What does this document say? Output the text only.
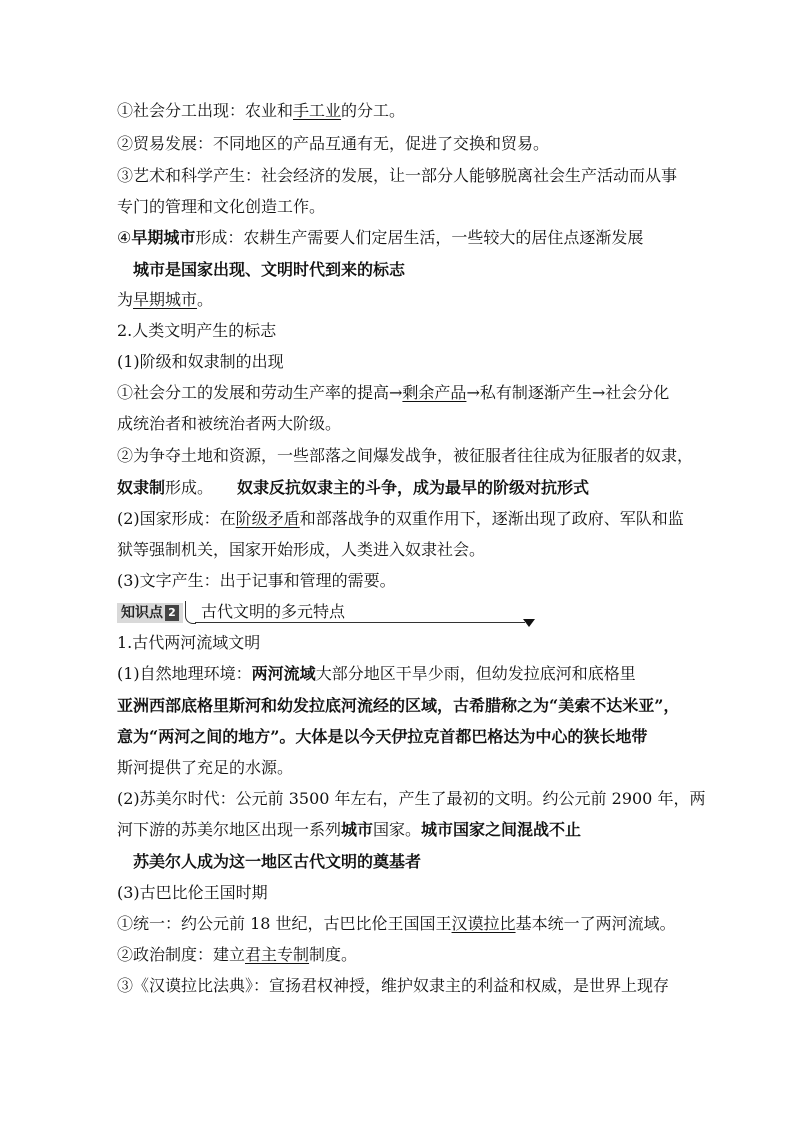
①社会分工出现：农业和手工业的分工。
②贸易发展：不同地区的产品互通有无，促进了交换和贸易。
③艺术和科学产生：社会经济的发展，让一部分人能够脱离社会生产活动而从事
专门的管理和文化创造工作。
④早期城市形成：农耕生产需要人们定居生活，一些较大的居住点逐渐发展
城市是国家出现、文明时代到来的标志
为早期城市。
2.人类文明产生的标志
(1)阶级和奴隶制的出现
①社会分工的发展和劳动生产率的提高→剩余产品→私有制逐渐产生→社会分化
成统治者和被统治者两大阶级。
②为争夺土地和资源，一些部落之间爆发战争，被征服者往往成为征服者的奴隶，
奴隶制形成。　　奴隶反抗奴隶主的斗争，成为最早的阶级对抗形式
(2)国家形成：在阶级矛盾和部落战争的双重作用下，逐渐出现了政府、军队和监
狱等强制机关，国家开始形成，人类进入奴隶社会。
(3)文字产生：出于记事和管理的需要。
1.古代两河流域文明
(1)自然地理环境：两河流域大部分地区干旱少雨，但幼发拉底河和底格里
亚洲西部底格里斯河和幼发拉底河流经的区域，古希腊称之为“美索不达米亚”，
意为“两河之间的地方”。大体是以今天伊拉克首都巴格达为中心的狭长地带
斯河提供了充足的水源。
(2)苏美尔时代：公元前 3500 年左右，产生了最初的文明。约公元前 2900 年，两
河下游的苏美尔地区出现一系列城市国家。城市国家之间混战不止
苏美尔人成为这一地区古代文明的奠基者
(3)古巴比伦王国时期
①统一：约公元前 18 世纪，古巴比伦王国国王汉谟拉比基本统一了两河流域。
②政治制度：建立君主专制制度。
③《汉谟拉比法典》：宣扬君权神授，维护奴隶主的利益和权威，是世界上现存
知识点 2	古代文明的多元特点
